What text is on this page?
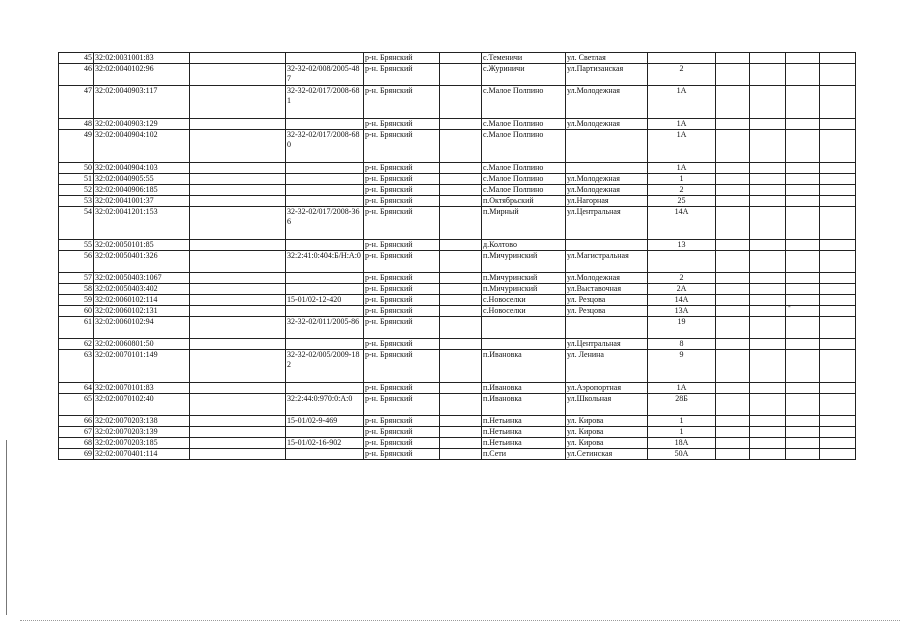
45	32:02:0031001:83			р-н. Брянский		с.Теменичи	ул. Светлая					
46	32:02:0040102:96		32-32-02/008/2005-487	р-н. Брянский		с.Журиничи	ул.Партизанская	2				
47	32:02:0040903:117		32-32-02/017/2008-681	р-н. Брянский		с.Малое Полпино	ул.Молодежная	1А				
48	32:02:0040903:129			р-н. Брянский		с.Малое Полпино	ул.Молодежная	1А				
49	32:02:0040904:102		32-32-02/017/2008-680	р-н. Брянский		с.Малое Полпино		1А				
50	32:02:0040904:103			р-н. Брянский		с.Малое Полпино		1А				
51	32:02:0040905:55			р-н. Брянский		с.Малое Полпино	ул.Молодежная	1				
52	32:02:0040906:185			р-н. Брянский		с.Малое Полпино	ул.Молодежная	2				
53	32:02:0041001:37			р-н. Брянский		п.Октябрьский	ул.Нагорная	25				
54	32:02:0041201:153		32-32-02/017/2008-366	р-н. Брянский		п.Мирный	ул.Центральная	14А				
55	32:02:0050101:85			р-н. Брянский		д.Колтово		13				
56	32:02:0050401:326		32:2:41:0:404:Б/Н:А:0	р-н. Брянский		п.Мичуринский	ул.Магистральная					
57	32:02:0050403:1067			р-н. Брянский		п.Мичуринский	ул.Молодежная	2				
58	32:02:0050403:402			р-н. Брянский		п.Мичуринский	ул.Выставочная	2А				
59	32:02:0060102:114		15-01/02-12-420	р-н. Брянский		с.Новоселки	ул. Резцова	14А				
60	32:02:0060102:131			р-н. Брянский		с.Новоселки	ул. Резцова	13А				
61	32:02:0060102:94		32-32-02/011/2005-86	р-н. Брянский				19				
62	32:02:0060801:50			р-н. Брянский			ул.Центральная	8				
63	32:02:0070101:149		32-32-02/005/2009-182	р-н. Брянский		п.Ивановка	ул. Ленина	9				
64	32:02:0070101:83			р-н. Брянский		п.Ивановка	ул.Аэропортная	1А				
65	32:02:0070102:40		32:2:44:0:970:0:А:0	р-н. Брянский		п.Ивановка	ул.Школьная	28Б				
66	32:02:0070203:138		15-01/02-9-469	р-н. Брянский		п.Нетьинка	ул. Кирова	1				
67	32:02:0070203:139			р-н. Брянский		п.Нетьинка	ул. Кирова	1				
68	32:02:0070203:185		15-01/02-16-902	р-н. Брянский		п.Нетьинка	ул. Кирова	18А				
69	32:02:0070401:114			р-н. Брянский		п.Сети	ул.Сетинская	50А				
-
